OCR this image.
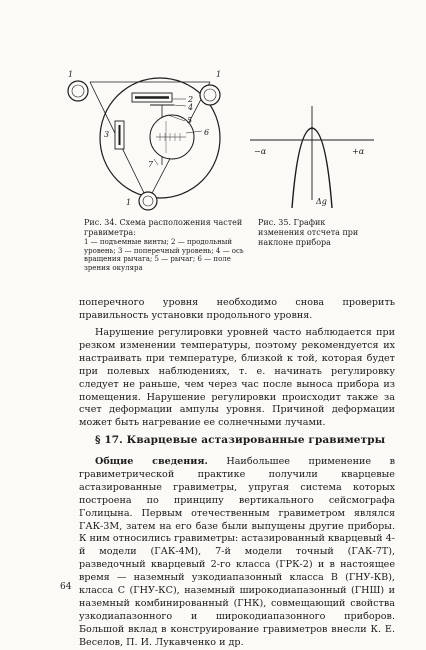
1	1
2
4
3
5
6
7
1
−α	+α
Δg
Рис. 34. Схема расположения частей гравиметра:
1 — подъемные винты; 2 — продольный уровень; 3 — поперечный уровень; 4 — ось вращения рычага; 5 — рычаг; 6 — поле зрения окуляра
Рис. 35. График изменения отсчета при наклоне прибора

поперечного уровня необходимо снова проверить правильность установки продольного уровня.

Нарушение регулировки уровней часто наблюдается при резком изменении температуры, поэтому рекомендуется их настраивать при температуре, близкой к той, которая будет при полевых наблюдениях, т. е. начинать регулировку следует не раньше, чем через час после выноса прибора из помещения. Нарушение регулировки происходит также за счет деформации ампулы уровня. Причиной деформации может быть нагревание ее солнечными лучами.

§ 17. Кварцевые астазированные гравиметры

Общие сведения. Наибольшее применение в гравиметрической практике получили кварцевые астазированные гравиметры, упругая система которых построена по принципу вертикального сейсмографа Голицына. Первым отечественным гравиметром являлся ГАК-3М, затем на его базе были выпущены другие приборы. К ним относились гравиметры: астазированный кварцевый 4-й модели (ГАК-4М), 7-й модели точный (ГАК-7Т), разведочный кварцевый 2-го класса (ГРК-2) и в настоящее время — наземный узкодиапазонный класса В (ГНУ-КВ), класса С (ГНУ-КС), наземный широкодиапазонный (ГНШ) и наземный комбинированный (ГНК), совмещающий свойства узкодиапазонного и широкодиапазонного приборов. Большой вклад в конструирование гравиметров внесли К. Е. Веселов, П. И. Лукавченко и др.

64
